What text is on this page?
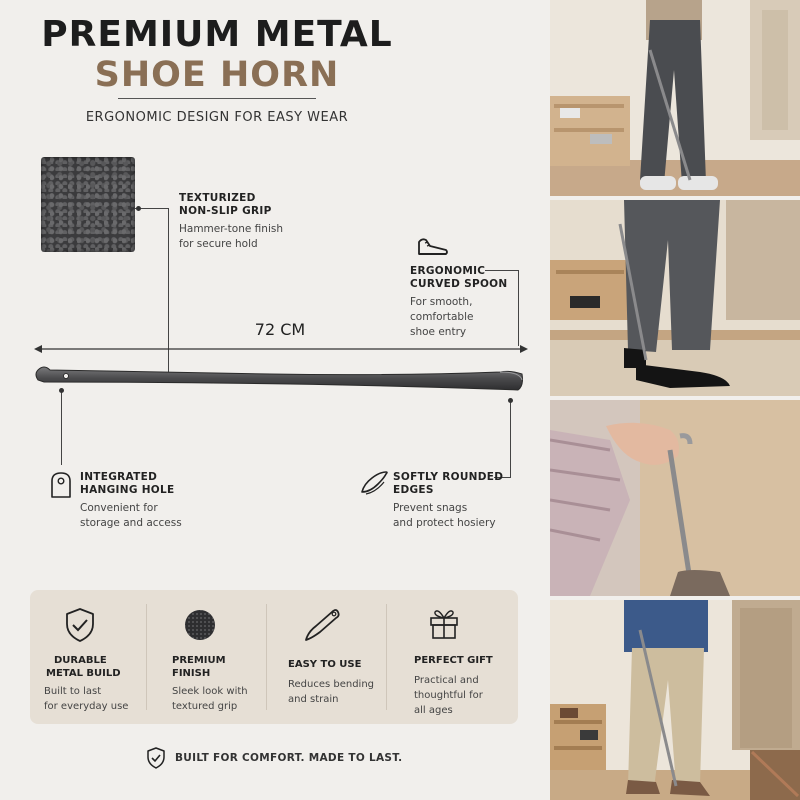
PREMIUM METAL
SHOE HORN
ERGONOMIC DESIGN FOR EASY WEAR
TEXTURIZED
NON-SLIP GRIP
Hammer-tone finish
for secure hold
ERGONOMIC
CURVED SPOON
For smooth,
comfortable
shoe entry
72 CM
INTEGRATED
HANGING HOLE
Convenient for
storage and access
SOFTLY ROUNDED
EDGES
Prevent snags
and protect hosiery
DURABLE
METAL BUILD
Built to last
for everyday use
PREMIUM
FINISH
Sleek look with
textured grip
EASY TO USE
Reduces bending
and strain
PERFECT GIFT
Practical and
thoughtful for
all ages
BUILT FOR COMFORT. MADE TO LAST.
